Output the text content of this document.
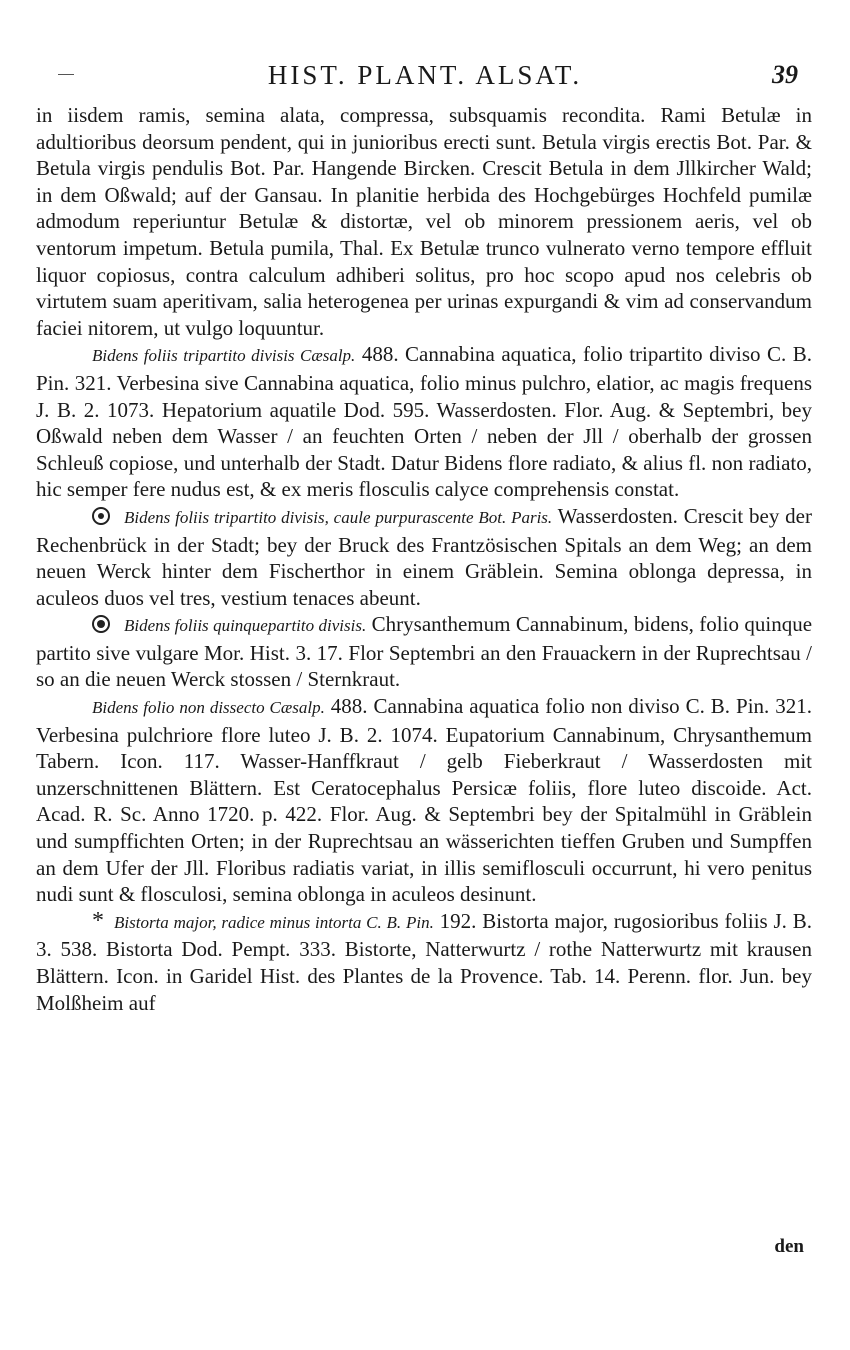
HIST. PLANT. ALSAT.	39

in iisdem ramis, semina alata, compressa, subsquamis recondita. Rami Betulæ in adultioribus deorsum pendent, qui in junioribus erecti sunt. Betula virgis erectis Bot. Par. & Betula virgis pendulis Bot. Par. Hangende Bircken. Crescit Betula in dem Jllkircher Wald; in dem Oßwald; auf der Gansau. In planitie herbida des Hochgebürges Hochfeld pumilæ admodum reperiuntur Betulæ & distortæ, vel ob minorem pressionem aeris, vel ob ventorum impetum. Betula pumila, Thal. Ex Betulæ trunco vulnerato verno tempore effluit liquor copiosus, contra calculum adhiberi solitus, pro hoc scopo apud nos celebris ob virtutem suam aperitivam, salia heterogenea per urinas expurgandi & vim ad conservandum faciei nitorem, ut vulgo loquuntur.

Bidens foliis tripartito divisis Cæsalp. 488. Cannabina aquatica, folio tripartito diviso C. B. Pin. 321. Verbesina sive Cannabina aquatica, folio minus pulchro, elatior, ac magis frequens J. B. 2. 1073. Hepatorium aquatile Dod. 595. Wasserdosten. Flor. Aug. & Septembri, bey Oßwald neben dem Wasser / an feuchten Orten / neben der Jll / oberhalb der grossen Schleuß copiose, und unterhalb der Stadt. Datur Bidens flore radiato, & alius fl. non radiato, hic semper fere nudus est, & ex meris flosculis calyce comprehensis constat.

Bidens foliis tripartito divisis, caule purpurascente Bot. Paris. Wasserdosten. Crescit bey der Rechenbrück in der Stadt; bey der Bruck des Frantzösischen Spitals an dem Weg; an dem neuen Werck hinter dem Fischerthor in einem Gräblein. Semina oblonga depressa, in aculeos duos vel tres, vestium tenaces abeunt.

Bidens foliis quinquepartito divisis. Chrysanthemum Cannabinum, bidens, folio quinque partito sive vulgare Mor. Hist. 3. 17. Flor Septembri an den Frauackern in der Ruprechtsau / so an die neuen Werck stossen / Sternkraut.

Bidens folio non dissecto Cæsalp. 488. Cannabina aquatica folio non diviso C. B. Pin. 321. Verbesina pulchriore flore luteo J. B. 2. 1074. Eupatorium Cannabinum, Chrysanthemum Tabern. Icon. 117. Wasser-Hanffkraut / gelb Fieberkraut / Wasserdosten mit unzerschnittenen Blättern. Est Ceratocephalus Persicæ foliis, flore luteo discoide. Act. Acad. R. Sc. Anno 1720. p. 422. Flor. Aug. & Septembri bey der Spitalmühl in Gräblein und sumpffichten Orten; in der Ruprechtsau an wässerichten tieffen Gruben und Sumpffen an dem Ufer der Jll. Floribus radiatis variat, in illis semiflosculi occurrunt, hi vero penitus nudi sunt & flosculosi, semina oblonga in aculeos desinunt.

* Bistorta major, radice minus intorta C. B. Pin. 192. Bistorta major, rugosioribus foliis J. B. 3. 538. Bistorta Dod. Pempt. 333. Bistorte, Natterwurtz / rothe Natterwurtz mit krausen Blättern. Icon. in Garidel Hist. des Plantes de la Provence. Tab. 14. Perenn. flor. Jun. bey Molßheim auf

den
